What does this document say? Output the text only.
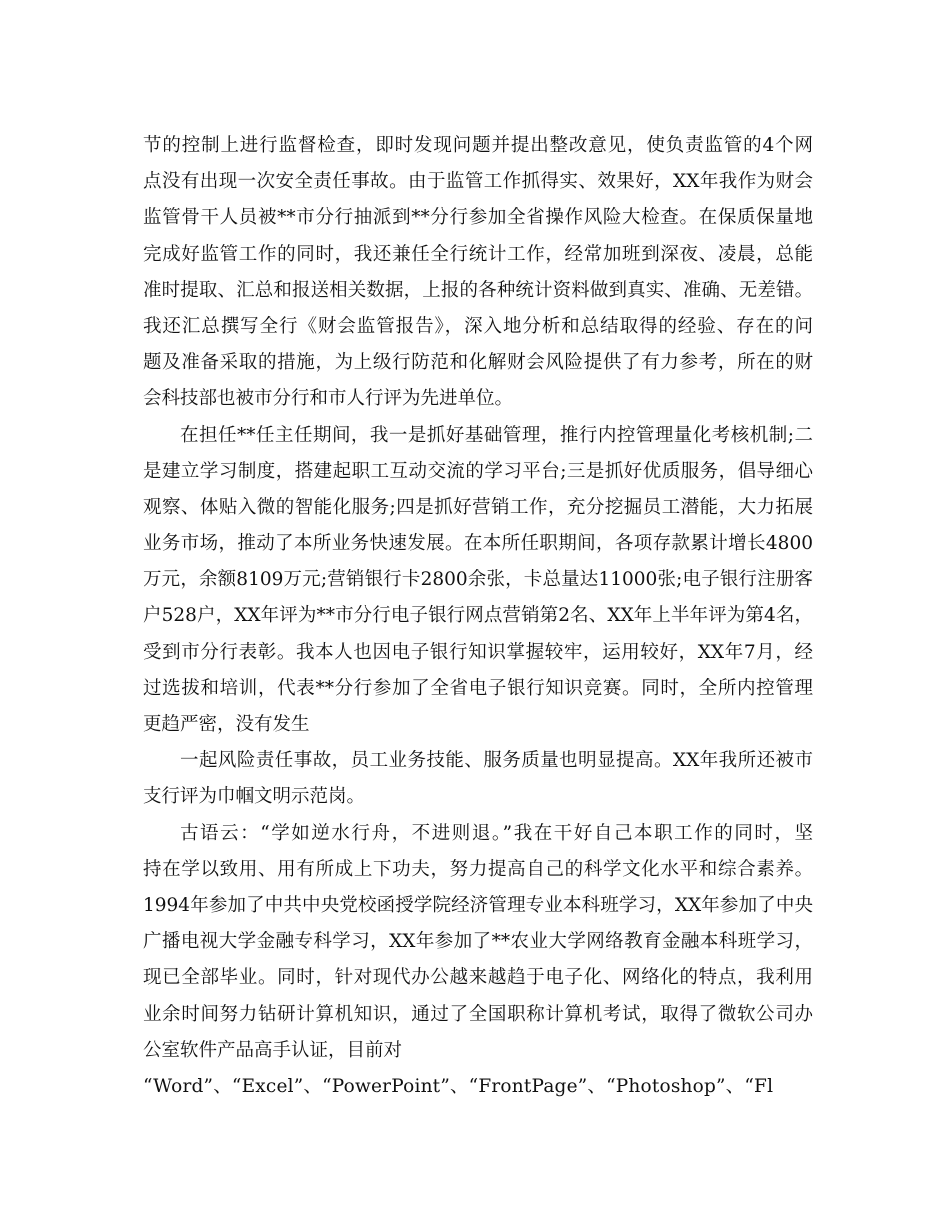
节的控制上进行监督检查，即时发现问题并提出整改意见，使负责监管的4个网
点没有出现一次安全责任事故。由于监管工作抓得实、效果好，XX年我作为财会
监管骨干人员被**市分行抽派到**分行参加全省操作风险大检查。在保质保量地
完成好监管工作的同时，我还兼任全行统计工作，经常加班到深夜、凌晨，总能
准时提取、汇总和报送相关数据，上报的各种统计资料做到真实、准确、无差错。
我还汇总撰写全行《财会监管报告》，深入地分析和总结取得的经验、存在的问
题及准备采取的措施，为上级行防范和化解财会风险提供了有力参考，所在的财
会科技部也被市分行和市人行评为先进单位。
在担任**任主任期间，我一是抓好基础管理，推行内控管理量化考核机制;二
是建立学习制度，搭建起职工互动交流的学习平台;三是抓好优质服务，倡导细心
观察、体贴入微的智能化服务;四是抓好营销工作，充分挖掘员工潜能，大力拓展
业务市场，推动了本所业务快速发展。在本所任职期间，各项存款累计增长4800
万元，余额8109万元;营销银行卡2800余张，卡总量达11000张;电子银行注册客
户528户，XX年评为**市分行电子银行网点营销第2名、XX年上半年评为第4名，
受到市分行表彰。我本人也因电子银行知识掌握较牢，运用较好，XX年7月，经
过选拔和培训，代表**分行参加了全省电子银行知识竞赛。同时，全所内控管理
更趋严密，没有发生
一起风险责任事故，员工业务技能、服务质量也明显提高。XX年我所还被市
支行评为巾帼文明示范岗。
古语云：“学如逆水行舟，不进则退。”我在干好自己本职工作的同时，坚
持在学以致用、用有所成上下功夫，努力提高自己的科学文化水平和综合素养。
1994年参加了中共中央党校函授学院经济管理专业本科班学习，XX年参加了中央
广播电视大学金融专科学习，XX年参加了**农业大学网络教育金融本科班学习，
现已全部毕业。同时，针对现代办公越来越趋于电子化、网络化的特点，我利用
业余时间努力钻研计算机知识，通过了全国职称计算机考试，取得了微软公司办
公室软件产品高手认证，目前对
“Word”、“Excel”、“PowerPoint”、“FrontPage”、“Photoshop”、“Fl
